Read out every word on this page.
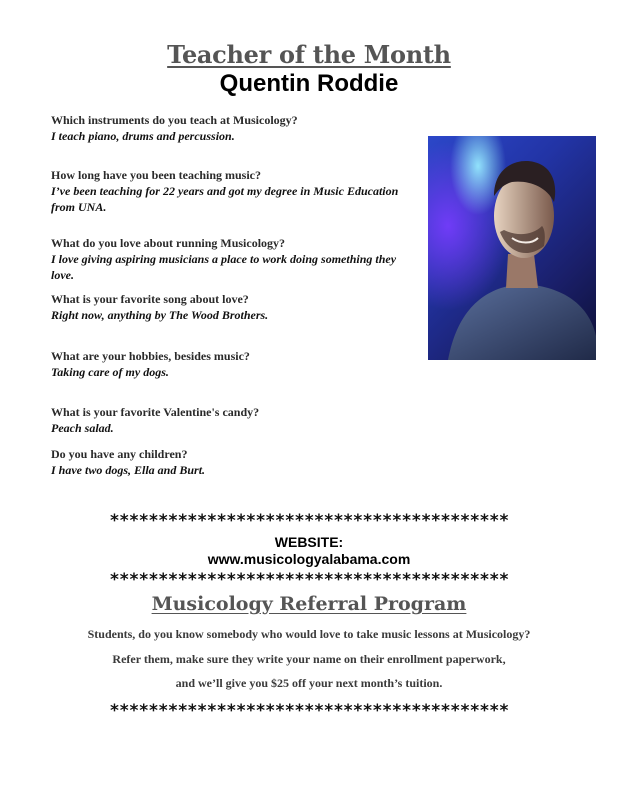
Teacher of the Month
Quentin Roddie
Which instruments do you teach at Musicology?
I teach piano, drums and percussion.
How long have you been teaching music?
I’ve been teaching for 22 years and got my degree in Music Education from UNA.
What do you love about running Musicology?
I love giving aspiring musicians a place to work doing something they love.
What is your favorite song about love?
Right now, anything by The Wood Brothers.
What are your hobbies, besides music?
Taking care of my dogs.
What is your favorite Valentine's candy?
Peach salad.
Do you have any children?
I have two dogs, Ella and Burt.
*****************************************
WEBSITE:
www.musicologyalabama.com
*****************************************
Musicology Referral Program
Students, do you know somebody who would love to take music lessons at Musicology?
Refer them, make sure they write your name on their enrollment paperwork,
and we’ll give you $25 off your next month’s tuition.
*****************************************
